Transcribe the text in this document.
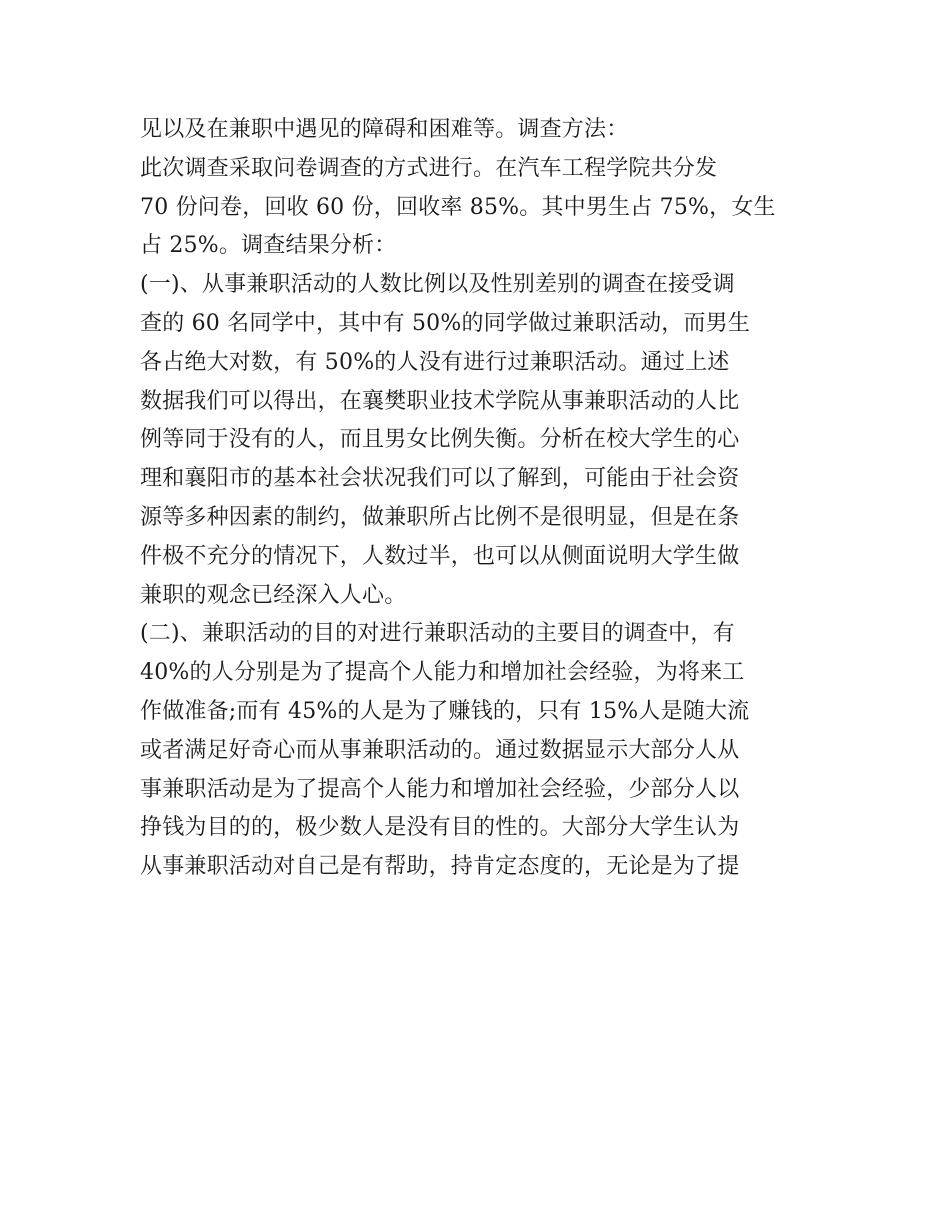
见以及在兼职中遇见的障碍和困难等。调查方法：
此次调查采取问卷调查的方式进行。在汽车工程学院共分发
70 份问卷，回收 60 份，回收率 85%。其中男生占 75%，女生
占 25%。调查结果分析：
(一)、从事兼职活动的人数比例以及性别差别的调查在接受调
查的 60 名同学中，其中有 50%的同学做过兼职活动，而男生
各占绝大对数，有 50%的人没有进行过兼职活动。通过上述
数据我们可以得出，在襄樊职业技术学院从事兼职活动的人比
例等同于没有的人，而且男女比例失衡。分析在校大学生的心
理和襄阳市的基本社会状况我们可以了解到，可能由于社会资
源等多种因素的制约，做兼职所占比例不是很明显，但是在条
件极不充分的情况下，人数过半，也可以从侧面说明大学生做
兼职的观念已经深入人心。
(二)、兼职活动的目的对进行兼职活动的主要目的调查中，有
40%的人分别是为了提高个人能力和增加社会经验，为将来工
作做准备;而有 45%的人是为了赚钱的，只有 15%人是随大流
或者满足好奇心而从事兼职活动的。通过数据显示大部分人从
事兼职活动是为了提高个人能力和增加社会经验，少部分人以
挣钱为目的的，极少数人是没有目的性的。大部分大学生认为
从事兼职活动对自己是有帮助，持肯定态度的，无论是为了提
